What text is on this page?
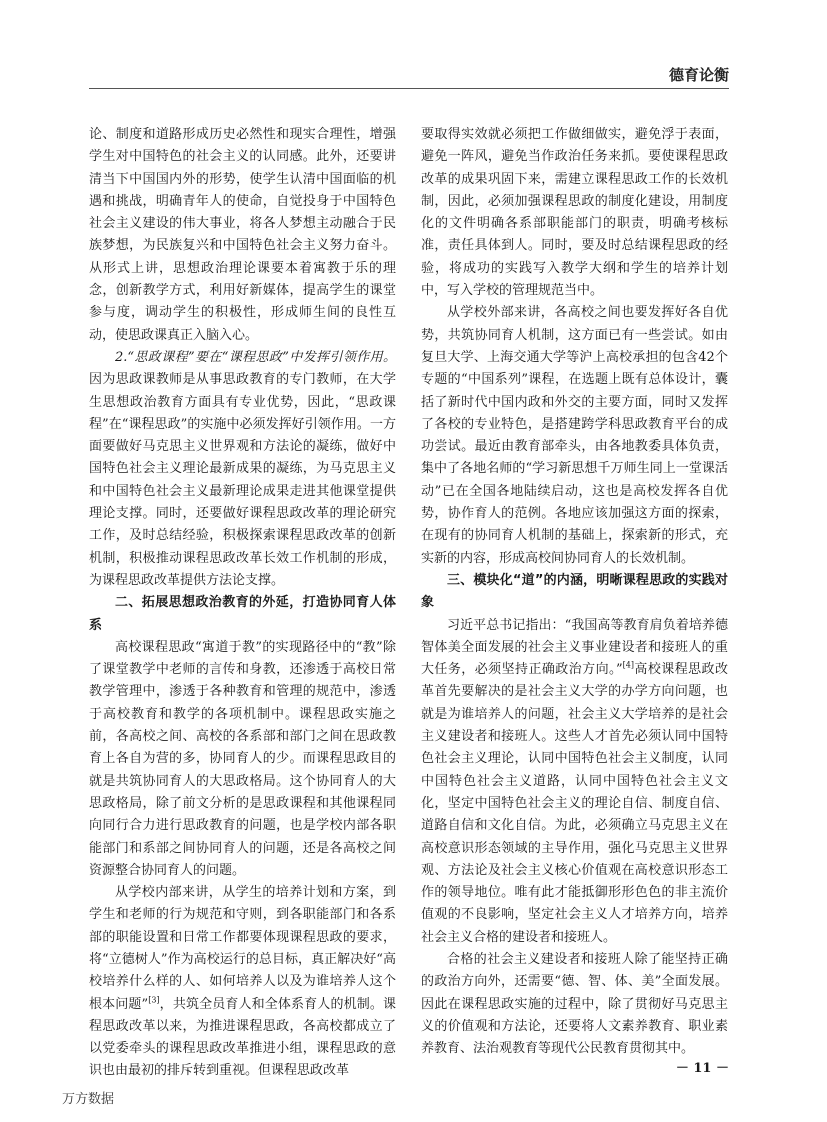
德育论衡

论、制度和道路形成历史必然性和现实合理性，增强学生对中国特色的社会主义的认同感。此外，还要讲清当下中国国内外的形势，使学生认清中国面临的机遇和挑战，明确青年人的使命，自觉投身于中国特色社会主义建设的伟大事业，将各人梦想主动融合于民族梦想，为民族复兴和中国特色社会主义努力奋斗。从形式上讲，思想政治理论课要本着寓教于乐的理念，创新教学方式，利用好新媒体，提高学生的课堂参与度，调动学生的积极性，形成师生间的良性互动，使思政课真正入脑入心。

2.“思政课程”要在“课程思政”中发挥引领作用。因为思政课教师是从事思政教育的专门教师，在大学生思想政治教育方面具有专业优势，因此，“思政课程”在“课程思政”的实施中必须发挥好引领作用。一方面要做好马克思主义世界观和方法论的凝练，做好中国特色社会主义理论最新成果的凝练，为马克思主义和中国特色社会主义最新理论成果走进其他课堂提供理论支撑。同时，还要做好课程思政改革的理论研究工作，及时总结经验，积极探索课程思政改革的创新机制，积极推动课程思政改革长效工作机制的形成，为课程思政改革提供方法论支撑。

二、拓展思想政治教育的外延，打造协同育人体系

高校课程思政“寓道于教”的实现路径中的“教”除了课堂教学中老师的言传和身教，还渗透于高校日常教学管理中，渗透于各种教育和管理的规范中，渗透于高校教育和教学的各项机制中。课程思政实施之前，各高校之间、高校的各系部和部门之间在思政教育上各自为营的多，协同育人的少。而课程思政目的就是共筑协同育人的大思政格局。这个协同育人的大思政格局，除了前文分析的是思政课程和其他课程同向同行合力进行思政教育的问题，也是学校内部各职能部门和系部之间协同育人的问题，还是各高校之间资源整合协同育人的问题。

从学校内部来讲，从学生的培养计划和方案，到学生和老师的行为规范和守则，到各职能部门和各系部的职能设置和日常工作都要体现课程思政的要求，将“立德树人”作为高校运行的总目标，真正解决好“高校培养什么样的人、如何培养人以及为谁培养人这个根本问题”[3]，共筑全员育人和全体系育人的机制。课程思政改革以来，为推进课程思政，各高校都成立了以党委牵头的课程思政改革推进小组，课程思政的意识也由最初的排斥转到重视。但课程思政改革

要取得实效就必须把工作做细做实，避免浮于表面，避免一阵风，避免当作政治任务来抓。要使课程思政改革的成果巩固下来，需建立课程思政工作的长效机制，因此，必须加强课程思政的制度化建设，用制度化的文件明确各系部职能部门的职责，明确考核标准，责任具体到人。同时，要及时总结课程思政的经验，将成功的实践写入教学大纲和学生的培养计划中，写入学校的管理规范当中。

从学校外部来讲，各高校之间也要发挥好各自优势，共筑协同育人机制，这方面已有一些尝试。如由复旦大学、上海交通大学等沪上高校承担的包含42个专题的“中国系列”课程，在选题上既有总体设计，囊括了新时代中国内政和外交的主要方面，同时又发挥了各校的专业特色，是搭建跨学科思政教育平台的成功尝试。最近由教育部牵头，由各地教委具体负责，集中了各地名师的“学习新思想千万师生同上一堂课活动”已在全国各地陆续启动，这也是高校发挥各自优势，协作育人的范例。各地应该加强这方面的探索，在现有的协同育人机制的基础上，探索新的形式，充实新的内容，形成高校间协同育人的长效机制。

三、模块化“道”的内涵，明晰课程思政的实践对象

习近平总书记指出：“我国高等教育肩负着培养德智体美全面发展的社会主义事业建设者和接班人的重大任务，必须坚持正确政治方向。”[4]高校课程思政改革首先要解决的是社会主义大学的办学方向问题，也就是为谁培养人的问题，社会主义大学培养的是社会主义建设者和接班人。这些人才首先必须认同中国特色社会主义理论，认同中国特色社会主义制度，认同中国特色社会主义道路，认同中国特色社会主义文化，坚定中国特色社会主义的理论自信、制度自信、道路自信和文化自信。为此，必须确立马克思主义在高校意识形态领域的主导作用，强化马克思主义世界观、方法论及社会主义核心价值观在高校意识形态工作的领导地位。唯有此才能抵御形形色色的非主流价值观的不良影响，坚定社会主义人才培养方向，培养社会主义合格的建设者和接班人。

合格的社会主义建设者和接班人除了能坚持正确的政治方向外，还需要“德、智、体、美”全面发展。因此在课程思政实施的过程中，除了贯彻好马克思主义的价值观和方法论，还要将人文素养教育、职业素养教育、法治观教育等现代公民教育贯彻其中。

－ 11 －
万方数据
